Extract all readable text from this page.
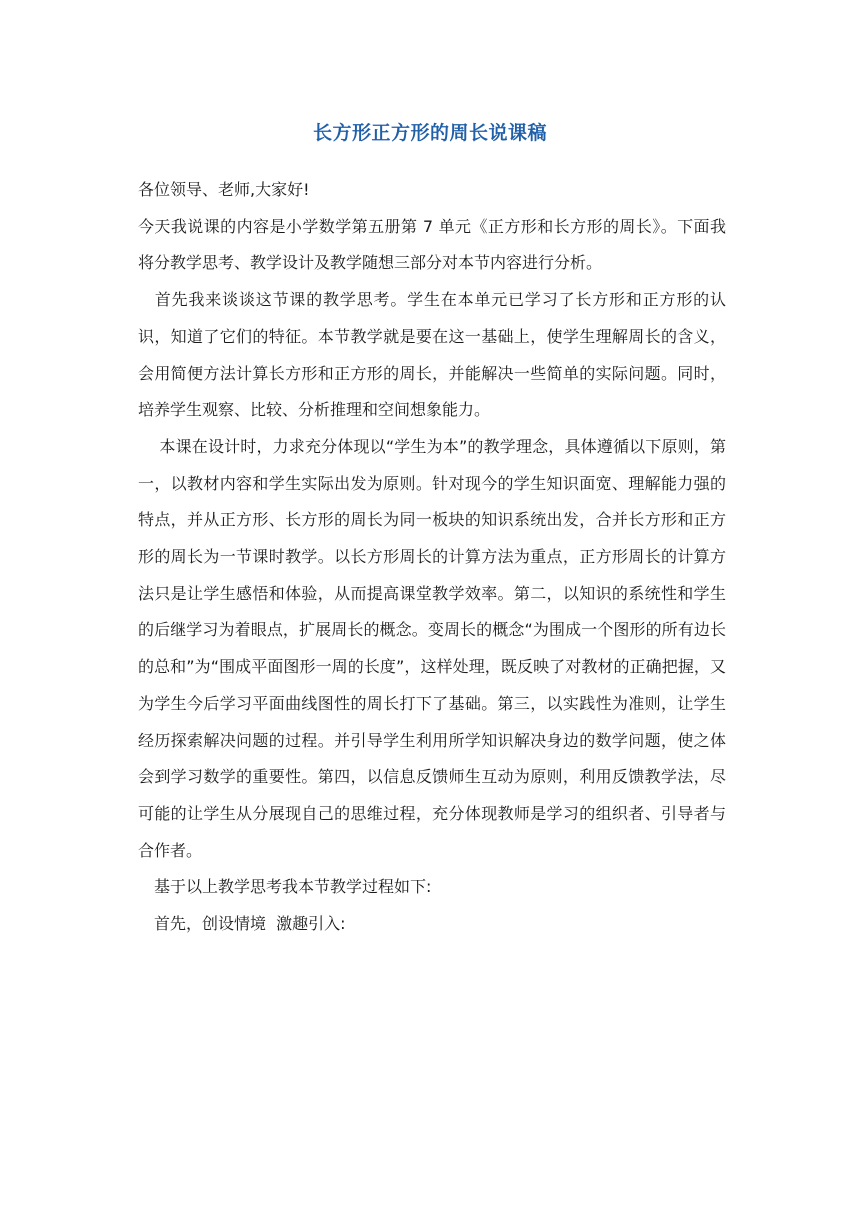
长方形正方形的周长说课稿

各位领导、老师,大家好!

今天我说课的内容是小学数学第五册第 7 单元《正方形和长方形的周长》。下面我将分教学思考、教学设计及教学随想三部分对本节内容进行分析。

　首先我来谈谈这节课的教学思考。学生在本单元已学习了长方形和正方形的认识，知道了它们的特征。本节教学就是要在这一基础上，使学生理解周长的含义，会用简便方法计算长方形和正方形的周长，并能解决一些简单的实际问题。同时，培养学生观察、比较、分析推理和空间想象能力。

　 本课在设计时，力求充分体现以“学生为本”的教学理念，具体遵循以下原则，第一，以教材内容和学生实际出发为原则。针对现今的学生知识面宽、理解能力强的特点，并从正方形、长方形的周长为同一板块的知识系统出发，合并长方形和正方形的周长为一节课时教学。以长方形周长的计算方法为重点，正方形周长的计算方法只是让学生感悟和体验，从而提高课堂教学效率。第二，以知识的系统性和学生的后继学习为着眼点，扩展周长的概念。变周长的概念“为围成一个图形的所有边长的总和”为“围成平面图形一周的长度”，这样处理，既反映了对教材的正确把握，又为学生今后学习平面曲线图性的周长打下了基础。第三，以实践性为准则，让学生经历探索解决问题的过程。并引导学生利用所学知识解决身边的数学问题，使之体会到学习数学的重要性。第四，以信息反馈师生互动为原则，利用反馈教学法，尽可能的让学生从分展现自己的思维过程，充分体现教师是学习的组织者、引导者与合作者。

　基于以上教学思考我本节教学过程如下:

　首先，创设情境  激趣引入:
